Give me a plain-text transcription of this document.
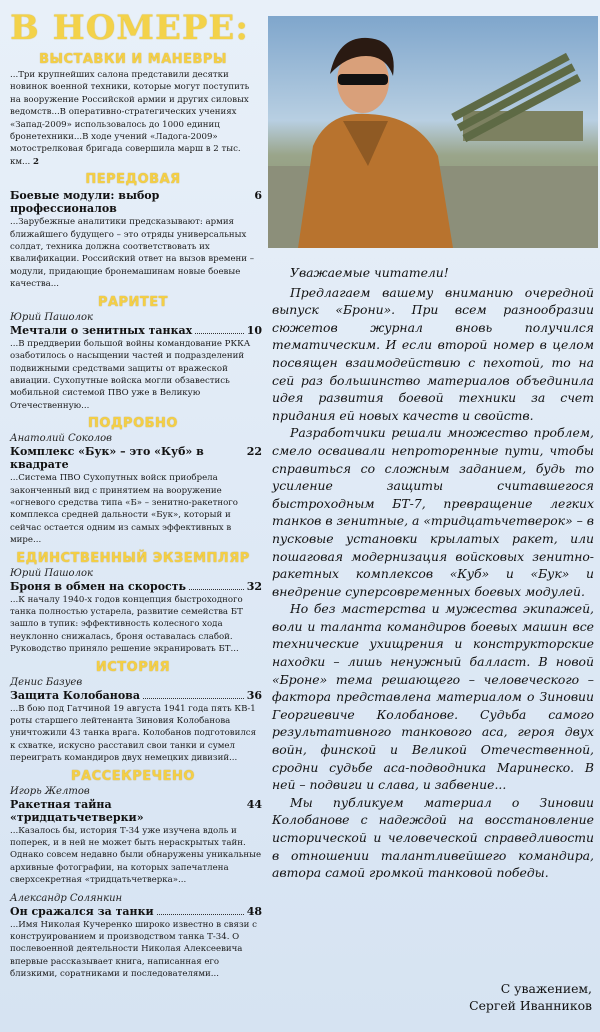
В НОМЕРЕ:
ВЫСТАВКИ И МАНЕВРЫ
...Три крупнейших салона представили десятки новинок военной техники, которые могут поступить на вооружение Российской армии и других силовых ведомств...В оперативно-стратегических учениях «Запад-2009» использовалось до 1000 единиц бронетехники...В ходе учений «Ладога-2009» мотострелковая бригада совершила марш в 2 тыс. км... 2
ПЕРЕДОВАЯ
Боевые модули: выбор профессионалов
6
...Зарубежные аналитики предсказывают: армия ближайшего будущего – это отряды универсальных солдат, техника должна соответствовать их квалификации. Российский ответ на вызов времени – модули, придающие бронемашинам новые боевые качества...
РАРИТЕТ
Юрий Пашолок
Мечтали о зенитных танках	10
...В преддверии большой войны командование РККА озаботилось о насыщении частей и подразделений подвижными средствами защиты от вражеской авиации. Сухопутные войска могли обзавестись мобильной системой ПВО уже в Великую Отечественную...
ПОДРОБНО
Анатолий Соколов
Комплекс «Бук» – это «Куб» в квадрате
22
...Система ПВО Сухопутных войск приобрела законченный вид с принятием на вооружение «огневого средства типа «Б» – зенитно-ракетного комплекса средней дальности «Бук», который и сейчас остается одним из самых эффективных в мире...
ЕДИНСТВЕННЫЙ ЭКЗЕМПЛЯР
Юрий Пашолок
Броня в обмен на скорость	32
...К началу 1940-х годов концепция быстроходного танка полностью устарела, развитие семейства БТ зашло в тупик: эффективность колесного хода неуклонно снижалась, броня оставалась слабой. Руководство приняло решение экранировать БТ...
ИСТОРИЯ
Денис Базуев
Защита Колобанова	36
...В бою под Гатчиной 19 августа 1941 года пять КВ-1 роты старшего лейтенанта Зиновия Колобанова уничтожили 43 танка врага. Колобанов подготовился к схватке, искусно расставил свои танки и сумел переиграть командиров двух немецких дивизий...
РАССЕКРЕЧЕНО
Игорь Желтов
Ракетная тайна «тридцатьчетверки»
44
...Казалось бы, история Т-34 уже изучена вдоль и поперек, и в ней не может быть нераскрытых тайн. Однако совсем недавно были обнаружены уникальные архивные фотографии, на которых запечатлена сверхсекретная «тридцатьчетверка»...
Александр Солянкин
Он сражался за танки	48
...Имя Николая Кучеренко широко известно в связи с конструированием и производством танка Т-34. О послевоенной деятельности Николая Алексеевича впервые рассказывает книга, написанная его близкими, соратниками и последователями...

Уважаемые читатели!

Предлагаем вашему вниманию очередной выпуск «Брони». При всем разнообразии сюжетов журнал вновь получился тематическим. И если второй номер в целом посвящен взаимодействию с пехотой, то на сей раз большинство материалов объединила идея развития боевой техники за счет придания ей новых качеств и свойств.

Разработчики решали множество проблем, смело осваивали непроторенные пути, чтобы справиться со сложным заданием, будь то усиление защиты считавшегося быстроходным БТ-7, превращение легких танков в зенитные, а «тридцатьчетверок» – в пусковые установки крылатых ракет, или пошаговая модернизация войсковых зенитно-ракетных комплексов «Куб» и «Бук» и внедрение суперсовременных боевых модулей.

Но без мастерства и мужества экипажей, воли и таланта командиров боевых машин все технические ухищрения и конструкторские находки – лишь ненужный балласт. В новой «Броне» тема решающего – человеческого – фактора представлена материалом о Зиновии Георгиевиче Колобанове. Судьба самого результативного танкового аса, героя двух войн, финской и Великой Отечественной, сродни судьбе аса-подводника Маринеско. В ней – подвиги и слава, и забвение...

Мы публикуем материал о Зиновии Колобанове с надеждой на восстановление исторической и человеческой справедливости в отношении талантливейшего командира, автора самой громкой танковой победы.

С уважением,
Сергей Иванников
